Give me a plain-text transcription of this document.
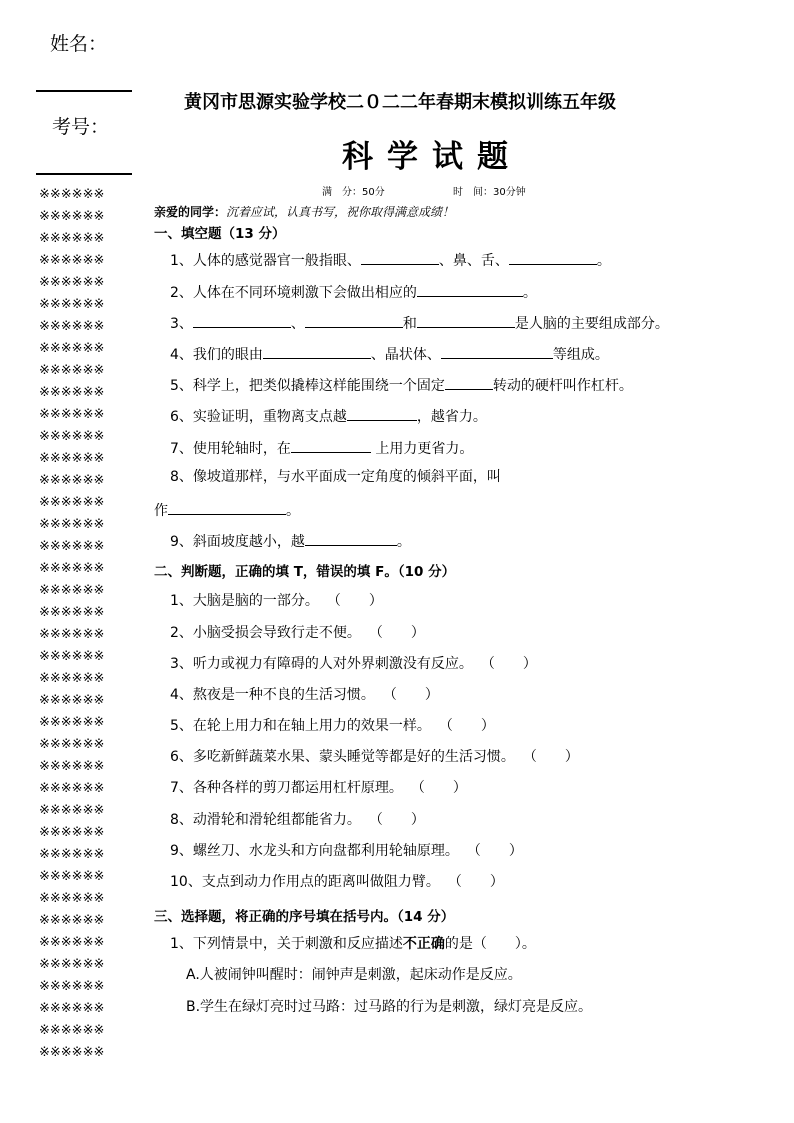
姓名：
考号：
※※※※※※
※※※※※※
※※※※※※
※※※※※※
※※※※※※
※※※※※※
※※※※※※
※※※※※※
※※※※※※
※※※※※※
※※※※※※
※※※※※※
※※※※※※
※※※※※※
※※※※※※
※※※※※※
※※※※※※
※※※※※※
※※※※※※
※※※※※※
※※※※※※
※※※※※※
※※※※※※
※※※※※※
※※※※※※
※※※※※※
※※※※※※
※※※※※※
※※※※※※
※※※※※※
※※※※※※
※※※※※※
※※※※※※
※※※※※※
※※※※※※
※※※※※※
※※※※※※
※※※※※※
※※※※※※
※※※※※※
黄冈市思源实验学校二０二二年春期末模拟训练五年级
科学试题
满　分：50分	时　间：30分钟
亲爱的同学：沉着应试，认真书写，祝你取得满意成绩！
一、填空题（13 分）
1、人体的感觉器官一般指眼、	、鼻、舌、	。
2、人体在不同环境刺激下会做出相应的	。
3、	、	和	是人脑的主要组成部分。
4、我们的眼由	、晶状体、	等组成。
5、科学上，把类似撬棒这样能围绕一个固定	转动的硬杆叫作杠杆。
6、实验证明，重物离支点越	，越省力。
7、使用轮轴时，在	上用力更省力。
8、像坡道那样，与水平面成一定角度的倾斜平面，叫
作	。
9、斜面坡度越小，越	。
二、判断题，正确的填 T，错误的填 F。（10 分）
1、大脑是脑的一部分。 （　　）
2、小脑受损会导致行走不便。 （　　）
3、听力或视力有障碍的人对外界刺激没有反应。 （　　）
4、熬夜是一种不良的生活习惯。 （　　）
5、在轮上用力和在轴上用力的效果一样。 （　　）
6、多吃新鲜蔬菜水果、蒙头睡觉等都是好的生活习惯。 （　　）
7、各种各样的剪刀都运用杠杆原理。 （　　）
8、动滑轮和滑轮组都能省力。 （　　）
9、螺丝刀、水龙头和方向盘都利用轮轴原理。 （　　）
10、支点到动力作用点的距离叫做阻力臂。 （　　）
三、选择题，将正确的序号填在括号内。（14 分）
1、下列情景中，关于刺激和反应描述不正确的是（　　）。
A.人被闹钟叫醒时：闹钟声是刺激，起床动作是反应。
B.学生在绿灯亮时过马路：过马路的行为是刺激，绿灯亮是反应。
